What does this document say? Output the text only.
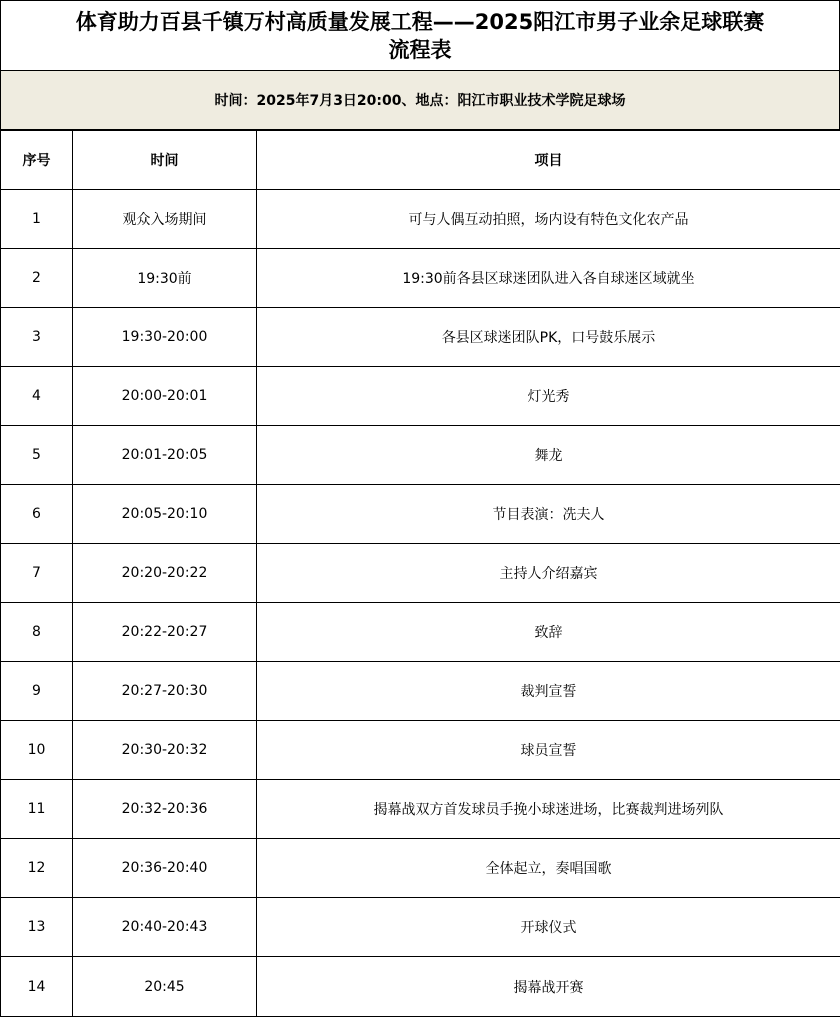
体育助力百县千镇万村高质量发展工程——2025阳江市男子业余足球联赛
流程表
时间：2025年7月3日20:00、地点：阳江市职业技术学院足球场
序号	时间	项目
1	观众入场期间	可与人偶互动拍照，场内设有特色文化农产品
2	19:30前	19:30前各县区球迷团队进入各自球迷区域就坐
3	19:30-20:00	各县区球迷团队PK，口号鼓乐展示
4	20:00-20:01	灯光秀
5	20:01-20:05	舞龙
6	20:05-20:10	节目表演：冼夫人
7	20:20-20:22	主持人介绍嘉宾
8	20:22-20:27	致辞
9	20:27-20:30	裁判宣誓
10	20:30-20:32	球员宣誓
11	20:32-20:36	揭幕战双方首发球员手挽小球迷进场，比赛裁判进场列队
12	20:36-20:40	全体起立，奏唱国歌
13	20:40-20:43	开球仪式
14	20:45	揭幕战开赛
